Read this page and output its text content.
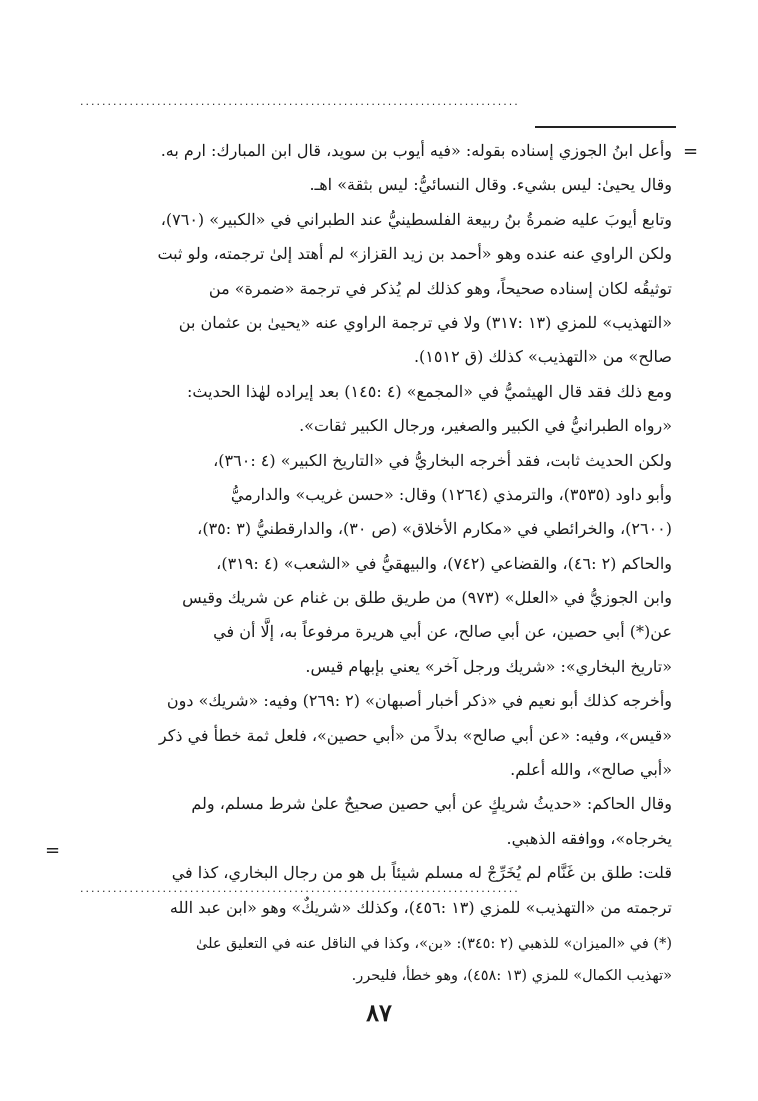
................................................................................
=
=
وأعل ابنُ الجوزي إسناده بقوله: «فيه أيوب بن سويد، قال ابن المبارك: ارم به.
وقال يحيىٰ: ليس بشيء. وقال النسائيُّ: ليس بثقة» اهـ.
وتابع أيوبَ عليه ضمرةُ بنُ ربيعة الفلسطينيُّ عند الطبراني في «الكبير» (٧٦٠)،
ولكن الراوي عنه عنده وهو «أحمد بن زيد القزاز» لم أهتد إلىٰ ترجمته، ولو ثبت
توثيقُه لكان إسناده صحيحاً، وهو كذلك لم يُذكر في ترجمة «ضمرة» من
«التهذيب» للمزي (١٣ :٣١٧) ولا في ترجمة الراوي عنه «يحيىٰ بن عثمان بن
صالح» من «التهذيب» كذلك (ق ١٥١٢).
ومع ذلك فقد قال الهيثميُّ في «المجمع» (٤ :١٤٥) بعد إيراده لهٰذا الحديث:
«رواه الطبرانيُّ في الكبير والصغير، ورجال الكبير ثقات».
ولكن الحديث ثابت، فقد أخرجه البخاريُّ في «التاريخ الكبير» (٤ :٣٦٠)،
وأبو داود (٣٥٣٥)، والترمذي (١٢٦٤) وقال: «حسن غريب» والدارميُّ
(٢٦٠٠)، والخرائطي في «مكارم الأخلاق» (ص ٣٠)، والدارقطنيُّ (٣ :٣٥)،
والحاكم (٢ :٤٦)، والقضاعي (٧٤٢)، والبيهقيُّ في «الشعب» (٤ :٣١٩)،
وابن الجوزيُّ في «العلل» (٩٧٣) من طريق طلق بن غنام عن شريك وقيس
عن(*) أبي حصين، عن أبي صالح، عن أبي هريرة مرفوعاً به، إلَّا أن في
«تاريخ البخاري»: «شريك ورجل آخر» يعني بإبهام قيس.
وأخرجه كذلك أبو نعيم في «ذكر أخبار أصبهان» (٢ :٢٦٩) وفيه: «شريك» دون
«قيس»، وفيه: «عن أبي صالح» بدلاً من «أبي حصين»، فلعل ثمة خطأ في ذكر
«أبي صالح»، والله أعلم.
وقال الحاكم: «حديثُ شريكٍ عن أبي حصين صحيحٌ علىٰ شرط مسلم، ولم
يخرجاه»، ووافقه الذهبي.
قلت: طلق بن غَنَّام لم يُخَرِّجْ له مسلم شيئاً بل هو من رجال البخاري، كذا في
ترجمته من «التهذيب» للمزي (١٣ :٤٥٦)، وكذلك «شريكٌ» وهو «ابن عبد الله
................................................................................
(*) في «الميزان» للذهبي (٢ :٣٤٥): «بن»، وكذا في الناقل عنه في التعليق علىٰ
«تهذيب الكمال» للمزي (١٣ :٤٥٨)، وهو خطأ، فليحرر.
٨٧
